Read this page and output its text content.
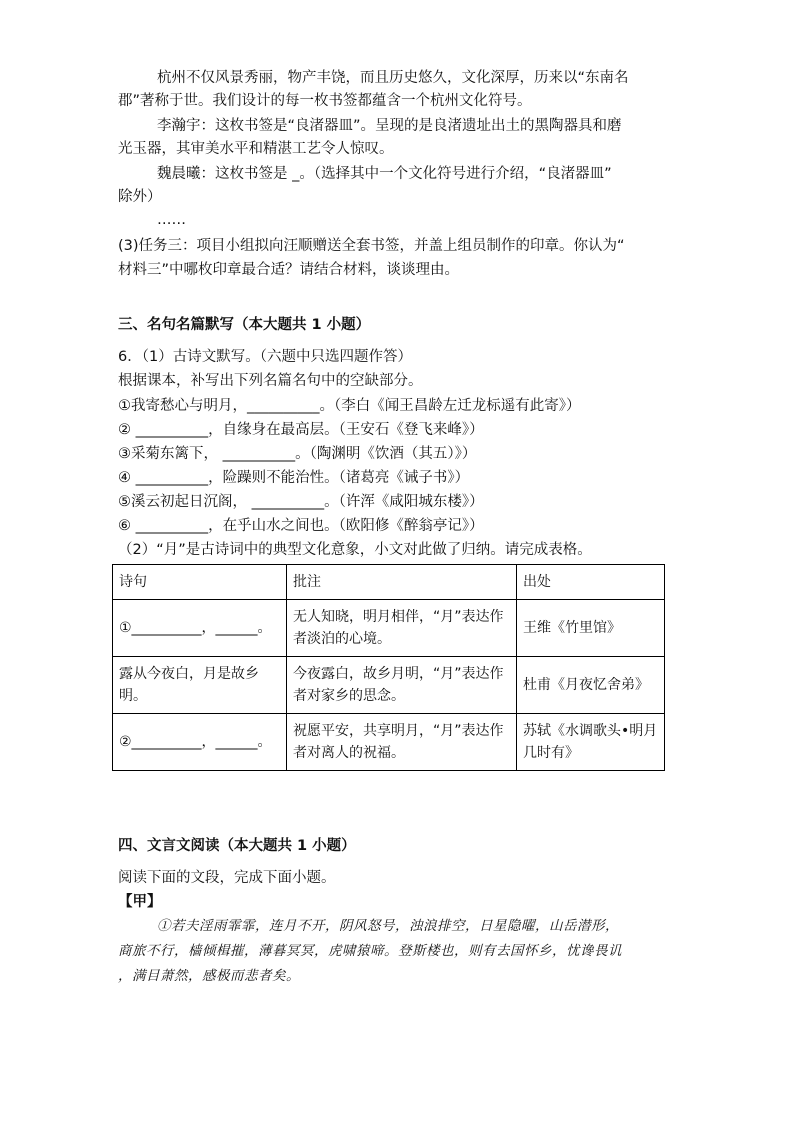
杭州不仅风景秀丽，物产丰饶，而且历史悠久，文化深厚，历来以“东南名
郡”著称于世。我们设计的每一枚书签都蕴含一个杭州文化符号。
李瀚宇：这枚书签是“良渚器皿”。呈现的是良渚遗址出土的黑陶器具和磨
光玉器，其审美水平和精湛工艺令人惊叹。
魏晨曦：这枚书签是 _。（选择其中一个文化符号进行介绍，“良渚器皿”
除外）
……
(3)任务三：项目小组拟向汪顺赠送全套书签，并盖上组员制作的印章。你认为“
材料三”中哪枚印章最合适？请结合材料，谈谈理由。
三、名句名篇默写（本大题共 1 小题）
6．（1）古诗文默写。（六题中只选四题作答）
根据课本，补写出下列名篇名句中的空缺部分。
①我寄愁心与明月，__________。（李白《闻王昌龄左迁龙标遥有此寄》）
② __________，自缘身在最高层。（王安石《登飞来峰》）
③采菊东篱下， __________。（陶渊明《饮酒（其五）》）
④ __________，险躁则不能治性。（诸葛亮《诫子书》）
⑤溪云初起日沉阁， __________。（许浑《咸阳城东楼》）
⑥ __________，在乎山水之间也。（欧阳修《醉翁亭记》）
（2）“月”是古诗词中的典型文化意象，小文对此做了归纳。请完成表格。
诗句	批注	出处
①__________，______。	无人知晓，明月相伴，“月”表达作者淡泊的心境。	王维《竹里馆》
露从今夜白，月是故乡明。	今夜露白，故乡月明，“月”表达作者对家乡的思念。	杜甫《月夜忆舍弟》
②__________，______。	祝愿平安，共享明月，“月”表达作者对离人的祝福。	苏轼《水调歌头•明月几时有》
四、文言文阅读（本大题共 1 小题）
阅读下面的文段，完成下面小题。
【甲】
①若夫淫雨霏霏，连月不开，阴风怒号，浊浪排空，日星隐曜，山岳潜形，
商旅不行，樯倾楫摧，薄暮冥冥，虎啸猿啼。登斯楼也，则有去国怀乡，忧谗畏讥
，满目萧然，感极而悲者矣。
